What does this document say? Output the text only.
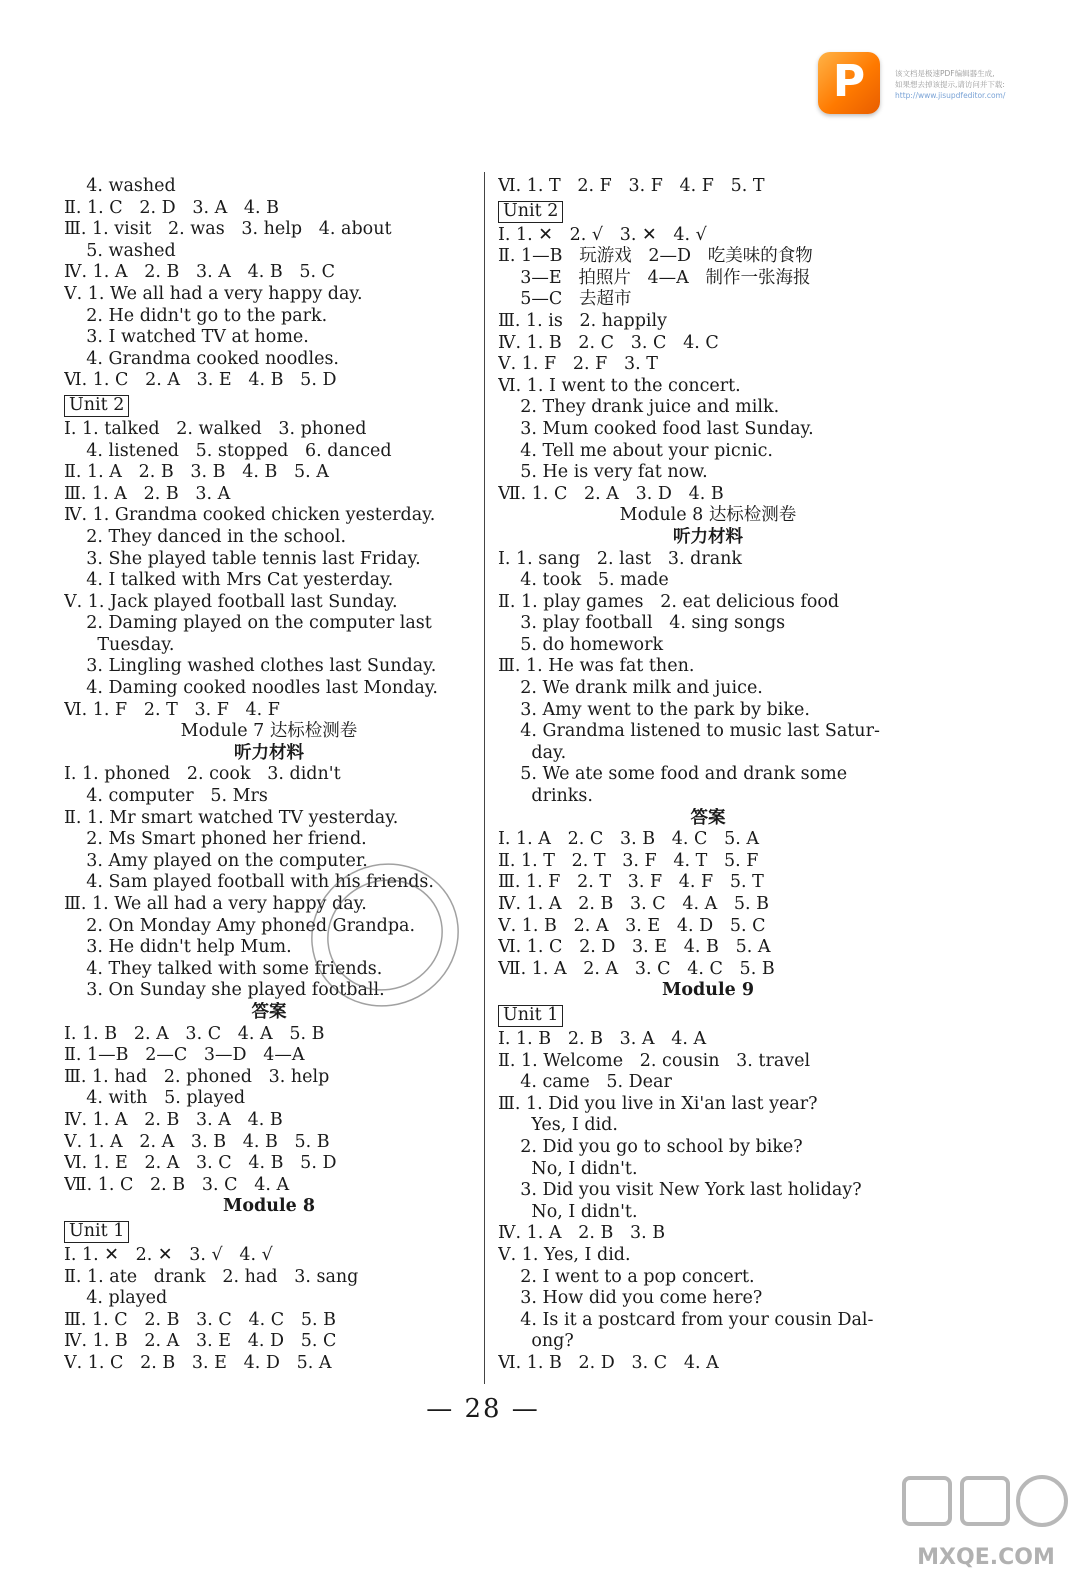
P	该文档是极速PDF编辑器生成,
如果想去掉该提示,请访问并下载:
http://www.jisupdfeditor.com/
4. washed
Ⅱ. 1. C   2. D   3. A   4. B
Ⅲ. 1. visit   2. was   3. help   4. about
5. washed
Ⅳ. 1. A   2. B   3. A   4. B   5. C
Ⅴ. 1. We all had a very happy day.
2. He didn't go to the park.
3. I watched TV at home.
4. Grandma cooked noodles.
Ⅵ. 1. C   2. A   3. E   4. B   5. D
Unit 2
Ⅰ. 1. talked   2. walked   3. phoned
4. listened   5. stopped   6. danced
Ⅱ. 1. A   2. B   3. B   4. B   5. A
Ⅲ. 1. A   2. B   3. A
Ⅳ. 1. Grandma cooked chicken yesterday.
2. They danced in the school.
3. She played table tennis last Friday.
4. I talked with Mrs Cat yesterday.
Ⅴ. 1. Jack played football last Sunday.
2. Daming played on the computer last
Tuesday.
3. Lingling washed clothes last Sunday.
4. Daming cooked noodles last Monday.
Ⅵ. 1. F   2. T   3. F   4. F
Module 7 达标检测卷
听力材料
Ⅰ. 1. phoned   2. cook   3. didn't
4. computer   5. Mrs
Ⅱ. 1. Mr smart watched TV yesterday.
2. Ms Smart phoned her friend.
3. Amy played on the computer.
4. Sam played football with his friends.
Ⅲ. 1. We all had a very happy day.
2. On Monday Amy phoned Grandpa.
3. He didn't help Mum.
4. They talked with some friends.
3. On Sunday she played football.
答案
Ⅰ. 1. B   2. A   3. C   4. A   5. B
Ⅱ. 1—B   2—C   3—D   4—A
Ⅲ. 1. had   2. phoned   3. help
4. with   5. played
Ⅳ. 1. A   2. B   3. A   4. B
Ⅴ. 1. A   2. A   3. B   4. B   5. B
Ⅵ. 1. E   2. A   3. C   4. B   5. D
Ⅶ. 1. C   2. B   3. C   4. A
Module 8
Unit 1
Ⅰ. 1. ✕   2. ✕   3. √   4. √
Ⅱ. 1. ate   drank   2. had   3. sang
4. played
Ⅲ. 1. C   2. B   3. C   4. C   5. B
Ⅳ. 1. B   2. A   3. E   4. D   5. C
Ⅴ. 1. C   2. B   3. E   4. D   5. A
Ⅵ. 1. T   2. F   3. F   4. F   5. T
Unit 2
Ⅰ. 1. ✕   2. √   3. ✕   4. √
Ⅱ. 1—B   玩游戏   2—D   吃美味的食物
3—E   拍照片   4—A   制作一张海报
5—C   去超市
Ⅲ. 1. is   2. happily
Ⅳ. 1. B   2. C   3. C   4. C
Ⅴ. 1. F   2. F   3. T
Ⅵ. 1. I went to the concert.
2. They drank juice and milk.
3. Mum cooked food last Sunday.
4. Tell me about your picnic.
5. He is very fat now.
Ⅶ. 1. C   2. A   3. D   4. B
Module 8 达标检测卷
听力材料
Ⅰ. 1. sang   2. last   3. drank
4. took   5. made
Ⅱ. 1. play games   2. eat delicious food
3. play football   4. sing songs
5. do homework
Ⅲ. 1. He was fat then.
2. We drank milk and juice.
3. Amy went to the park by bike.
4. Grandma listened to music last Satur-
day.
5. We ate some food and drank some
drinks.
答案
Ⅰ. 1. A   2. C   3. B   4. C   5. A
Ⅱ. 1. T   2. T   3. F   4. T   5. F
Ⅲ. 1. F   2. T   3. F   4. F   5. T
Ⅳ. 1. A   2. B   3. C   4. A   5. B
Ⅴ. 1. B   2. A   3. E   4. D   5. C
Ⅵ. 1. C   2. D   3. E   4. B   5. A
Ⅶ. 1. A   2. A   3. C   4. C   5. B
Module 9
Unit 1
Ⅰ. 1. B   2. B   3. A   4. A
Ⅱ. 1. Welcome   2. cousin   3. travel
4. came   5. Dear
Ⅲ. 1. Did you live in Xi'an last year?
Yes, I did.
2. Did you go to school by bike?
No, I didn't.
3. Did you visit New York last holiday?
No, I didn't.
Ⅳ. 1. A   2. B   3. B
Ⅴ. 1. Yes, I did.
2. I went to a pop concert.
3. How did you come here?
4. Is it a postcard from your cousin Dal-
ong?
Ⅵ. 1. B   2. D   3. C   4. A
— 28 —
MXQE.COM
